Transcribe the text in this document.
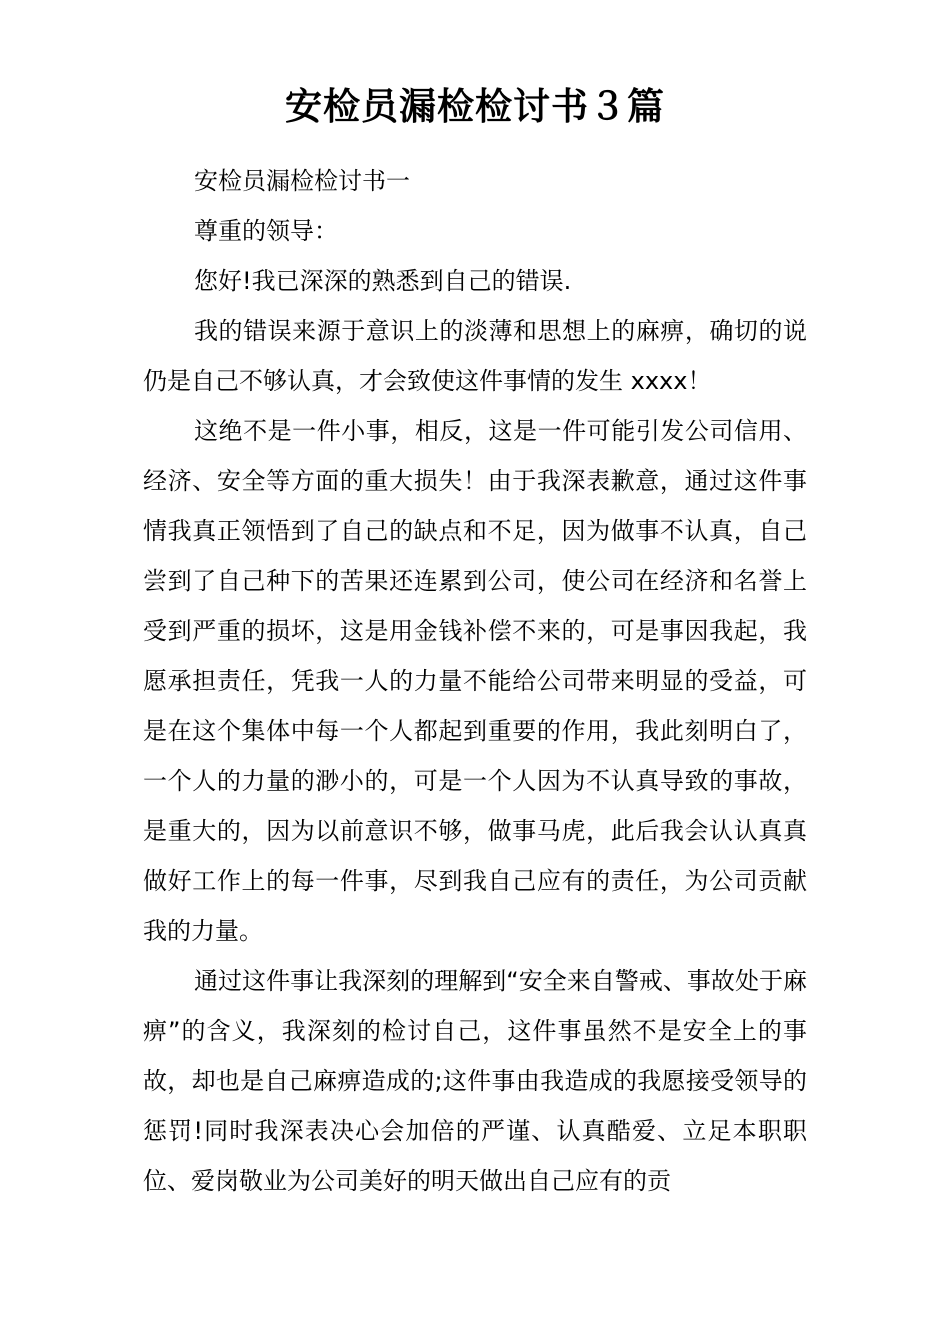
安检员漏检检讨书３篇

安检员漏检检讨书一

尊重的领导：

您好!我已深深的熟悉到自己的错误.

我的错误来源于意识上的淡薄和思想上的麻痹，确切的说仍是自己不够认真，才会致使这件事情的发生 xxxx！

这绝不是一件小事，相反，这是一件可能引发公司信用、经济、安全等方面的重大损失！由于我深表歉意，通过这件事情我真正领悟到了自己的缺点和不足，因为做事不认真，自己尝到了自己种下的苦果还连累到公司，使公司在经济和名誉上受到严重的损坏，这是用金钱补偿不来的，可是事因我起，我愿承担责任，凭我一人的力量不能给公司带来明显的受益，可是在这个集体中每一个人都起到重要的作用，我此刻明白了，一个人的力量的渺小的，可是一个人因为不认真导致的事故，是重大的，因为以前意识不够，做事马虎，此后我会认认真真做好工作上的每一件事，尽到我自己应有的责任，为公司贡献我的力量。

通过这件事让我深刻的理解到“安全来自警戒、事故处于麻痹”的含义，我深刻的检讨自己，这件事虽然不是安全上的事故，却也是自己麻痹造成的;这件事由我造成的我愿接受领导的惩罚!同时我深表决心会加倍的严谨、认真酷爱、立足本职职位、爱岗敬业为公司美好的明天做出自己应有的贡
